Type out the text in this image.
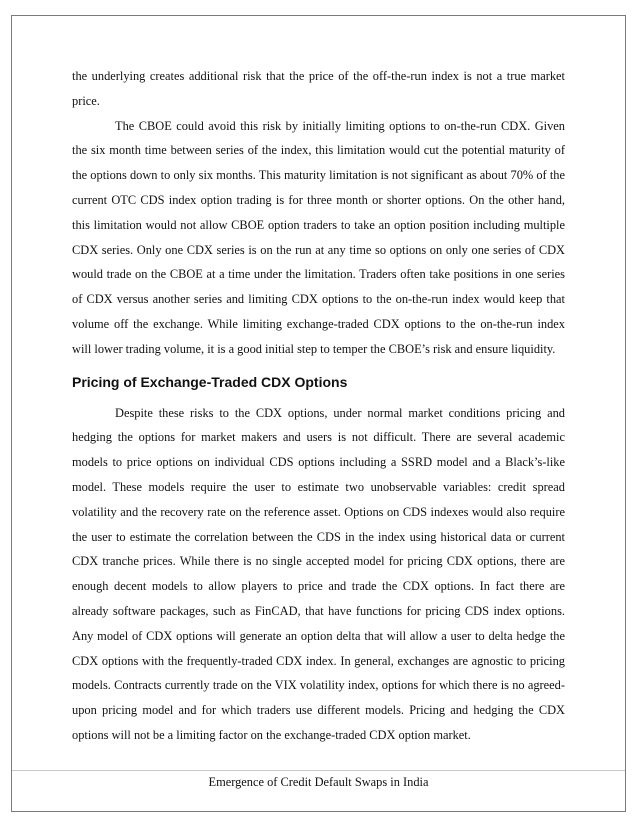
the underlying creates additional risk that the price of the off-the-run index is not a true market price.

The CBOE could avoid this risk by initially limiting options to on-the-run CDX. Given the six month time between series of the index, this limitation would cut the potential maturity of the options down to only six months. This maturity limitation is not significant as about 70% of the current OTC CDS index option trading is for three month or shorter options. On the other hand, this limitation would not allow CBOE option traders to take an option position including multiple CDX series. Only one CDX series is on the run at any time so options on only one series of CDX would trade on the CBOE at a time under the limitation. Traders often take positions in one series of CDX versus another series and limiting CDX options to the on-the-run index would keep that volume off the exchange. While limiting exchange-traded CDX options to the on-the-run index will lower trading volume, it is a good initial step to temper the CBOE’s risk and ensure liquidity.

Pricing of Exchange-Traded CDX Options

Despite these risks to the CDX options, under normal market conditions pricing and hedging the options for market makers and users is not difficult. There are several academic models to price options on individual CDS options including a SSRD model and a Black’s-like model. These models require the user to estimate two unobservable variables: credit spread volatility and the recovery rate on the reference asset. Options on CDS indexes would also require the user to estimate the correlation between the CDS in the index using historical data or current CDX tranche prices. While there is no single accepted model for pricing CDX options, there are enough decent models to allow players to price and trade the CDX options. In fact there are already software packages, such as FinCAD, that have functions for pricing CDS index options. Any model of CDX options will generate an option delta that will allow a user to delta hedge the CDX options with the frequently-traded CDX index. In general, exchanges are agnostic to pricing models. Contracts currently trade on the VIX volatility index, options for which there is no agreed-upon pricing model and for which traders use different models. Pricing and hedging the CDX options will not be a limiting factor on the exchange-traded CDX option market.

Emergence of Credit Default Swaps in India
